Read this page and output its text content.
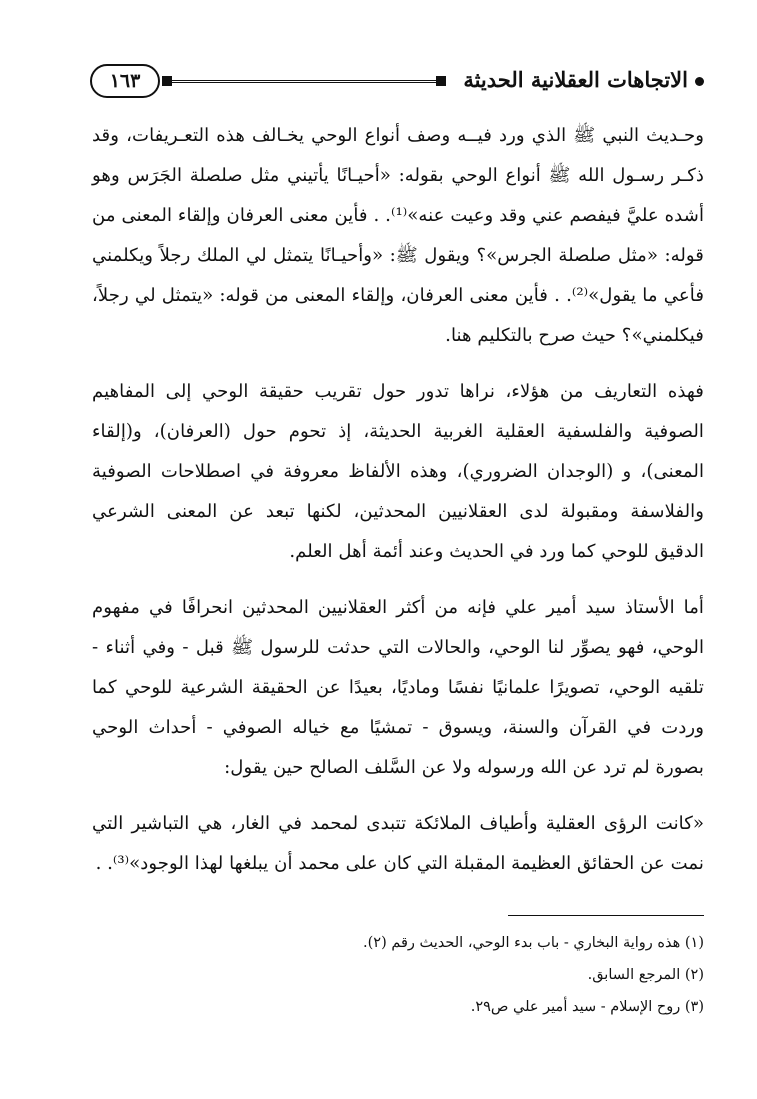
الاتجاهات العقلانية الحديثة
١٦٣

وحـديث النبي ﷺ الذي ورد فيــه وصف أنواع الوحي يخـالف هذه التعـريفات، وقد ذكـر رسـول الله ﷺ أنواع الوحي بقوله: «أحيـانًا يأتيني مثل صلصلة الجَرَس وهو أشده عليَّ فيفصم عني وقد وعيت عنه»⁽¹⁾. . فأين معنى العرفان وإلقاء المعنى من قوله: «مثل صلصلة الجرس»؟ ويقول ﷺ: «وأحيـانًا يتمثل لي الملك رجلاً ويكلمني فأعي ما يقول»⁽²⁾. . فأين معنى العرفان، وإلقاء المعنى من قوله: «يتمثل لي رجلاً، فيكلمني»؟ حيث صرح بالتكليم هنا.

فهذه التعاريف من هؤلاء، نراها تدور حول تقريب حقيقة الوحي إلى المفاهيم الصوفية والفلسفية العقلية الغربية الحديثة، إذ تحوم حول (العرفان)، و(إلقاء المعنى)، و (الوجدان الضروري)، وهذه الألفاظ معروفة في اصطلاحات الصوفية والفلاسفة ومقبولة لدى العقلانيين المحدثين، لكنها تبعد عن المعنى الشرعي الدقيق للوحي كما ورد في الحديث وعند أئمة أهل العلم.

أما الأستاذ سيد أمير علي فإنه من أكثر العقلانيين المحدثين انحرافًا في مفهوم الوحي، فهو يصوِّر لنا الوحي، والحالات التي حدثت للرسول ﷺ قبل - وفي أثناء - تلقيه الوحي، تصويرًا علمانيًا نفسًا وماديًا، بعيدًا عن الحقيقة الشرعية للوحي كما وردت في القرآن والسنة، ويسوق - تمشيًا مع خياله الصوفي - أحداث الوحي بصورة لم ترد عن الله ورسوله ولا عن السَّلف الصالح حين يقول:

«كانت الرؤى العقلية وأطياف الملائكة تتبدى لمحمد في الغار، هي التباشير التي نمت عن الحقائق العظيمة المقبلة التي كان على محمد أن يبلغها لهذا الوجود»⁽³⁾. .

(١) هذه رواية البخاري - باب بدء الوحي، الحديث رقم (٢).
(٢) المرجع السابق.
(٣) روح الإسلام - سيد أمير علي ص٢٩.
